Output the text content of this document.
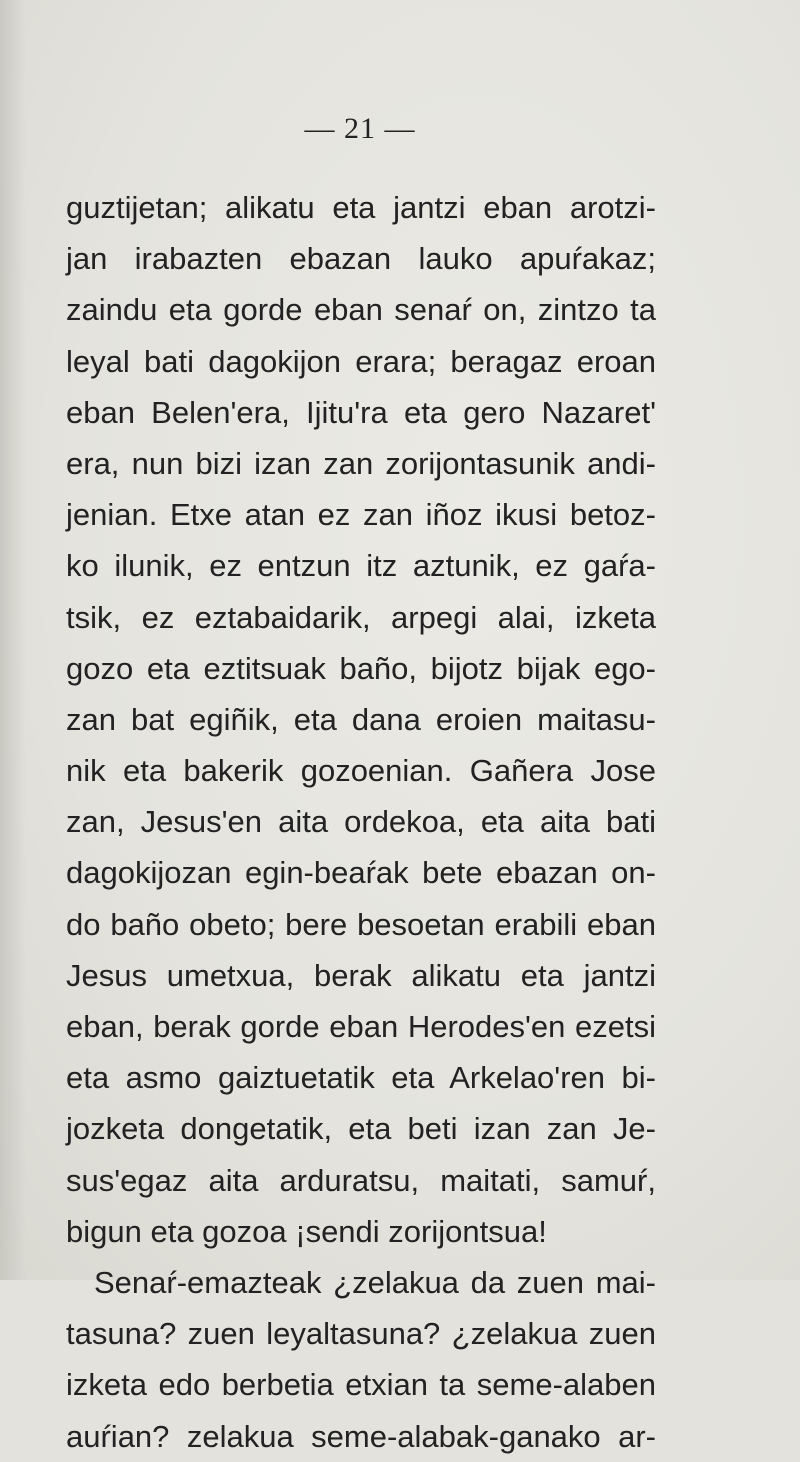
— 21 —
guztijetan; alikatu eta jantzi eban arotzi-
jan irabazten ebazan lauko apuŕakaz;
zaindu eta gorde eban senaŕ on, zintzo ta
leyal bati dagokijon erara; beragaz eroan
eban Belen'era, Ijitu'ra eta gero Nazaret'
era, nun bizi izan zan zorijontasunik andi-
jenian. Etxe atan ez zan iñoz ikusi betoz-
ko ilunik, ez entzun itz aztunik, ez gaŕa-
tsik, ez eztabaidarik, arpegi alai, izketa
gozo eta eztitsuak baño, bijotz bijak ego-
zan bat egiñik, eta dana eroien maitasu-
nik eta bakerik gozoenian. Gañera Jose
zan, Jesus'en aita ordekoa, eta aita bati
dagokijozan egin-beaŕak bete ebazan on-
do baño obeto; bere besoetan erabili eban
Jesus umetxua, berak alikatu eta jantzi
eban, berak gorde eban Herodes'en ezetsi
eta asmo gaiztuetatik eta Arkelao'ren bi-
jozketa dongetatik, eta beti izan zan Je-
sus'egaz aita arduratsu, maitati, samuŕ,
bigun eta gozoa ¡sendi zorijontsua!
Senaŕ-emazteak ¿zelakua da zuen mai-
tasuna? zuen leyaltasuna? ¿zelakua zuen
izketa edo berbetia etxian ta seme-alaben
auŕian? zelakua seme-alabak-ganako ar-
